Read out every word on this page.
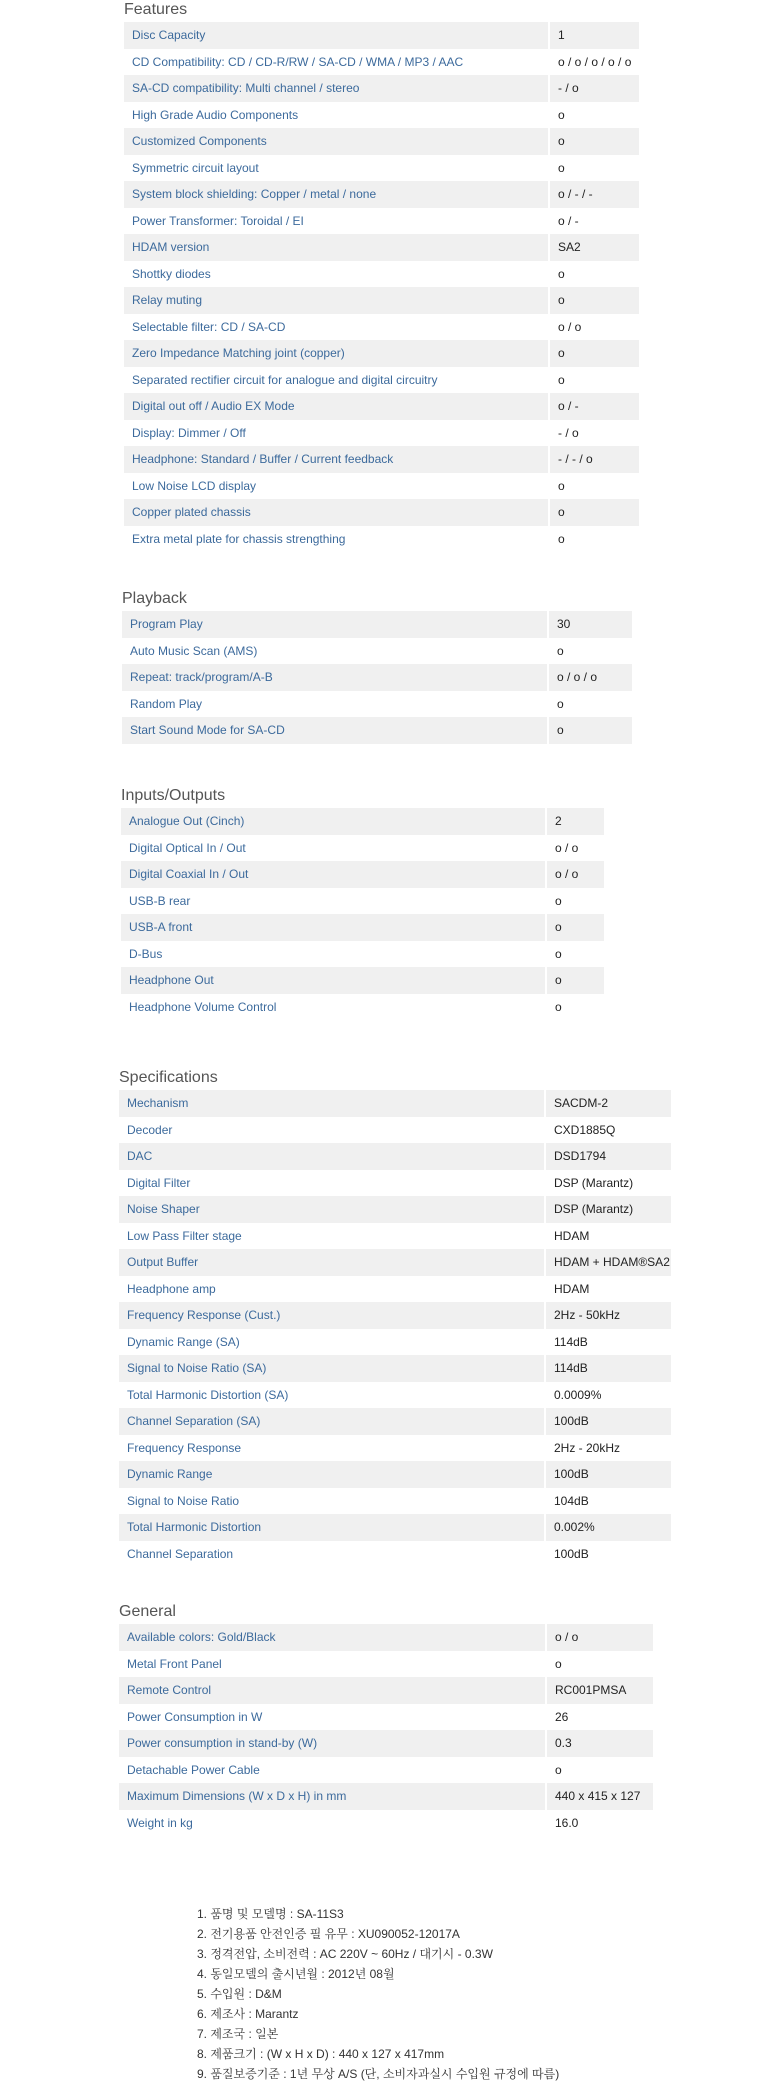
Features
Disc Capacity	1
CD Compatibility: CD / CD-R/RW / SA-CD / WMA / MP3 / AAC	o / o / o / o / o
SA-CD compatibility: Multi channel / stereo	- / o
High Grade Audio Components	o
Customized Components	o
Symmetric circuit layout	o
System block shielding: Copper / metal / none	o / - / -
Power Transformer: Toroidal / EI	o / -
HDAM version	SA2
Shottky diodes	o
Relay muting	o
Selectable filter: CD / SA-CD	o / o
Zero Impedance Matching joint (copper)	o
Separated rectifier circuit for analogue and digital circuitry	o
Digital out off / Audio EX Mode	o / -
Display: Dimmer / Off	- / o
Headphone: Standard / Buffer / Current feedback	- / - / o
Low Noise LCD display	o
Copper plated chassis	o
Extra metal plate for chassis strengthing	o
Playback
Program Play	30
Auto Music Scan (AMS)	o
Repeat: track/program/A-B	o / o / o
Random Play	o
Start Sound Mode for SA-CD	o
Inputs/Outputs
Analogue Out (Cinch)	2
Digital Optical In / Out	o / o
Digital Coaxial In / Out	o / o
USB-B rear	o
USB-A front	o
D-Bus	o
Headphone Out	o
Headphone Volume Control	o
Specifications
Mechanism	SACDM-2
Decoder	CXD1885Q
DAC	DSD1794
Digital Filter	DSP (Marantz)
Noise Shaper	DSP (Marantz)
Low Pass Filter stage	HDAM
Output Buffer	HDAM + HDAM®SA2
Headphone amp	HDAM
Frequency Response (Cust.)	2Hz - 50kHz
Dynamic Range (SA)	114dB
Signal to Noise Ratio (SA)	114dB
Total Harmonic Distortion (SA)	0.0009%
Channel Separation (SA)	100dB
Frequency Response	2Hz - 20kHz
Dynamic Range	100dB
Signal to Noise Ratio	104dB
Total Harmonic Distortion	0.002%
Channel Separation	100dB
General
Available colors: Gold/Black	o / o
Metal Front Panel	o
Remote Control	RC001PMSA
Power Consumption in W	26
Power consumption in stand-by (W)	0.3
Detachable Power Cable	o
Maximum Dimensions (W x D x H) in mm	440 x 415 x 127
Weight in kg	16.0
1. 품명 및 모델명 : SA-11S3
2. 전기용품 안전인증 필 유무 : XU090052-12017A
3. 정격전압, 소비전력 : AC 220V ~ 60Hz / 대기시 - 0.3W
4. 동일모델의 출시년월 : 2012년 08월
5. 수입원 : D&M
6. 제조사 : Marantz
7. 제조국 : 일본
8. 제품크기 : (W x H x D) : 440 x 127 x 417mm
9. 품질보증기준 : 1년 무상 A/S (단, 소비자과실시 수입원 규정에 따름)
